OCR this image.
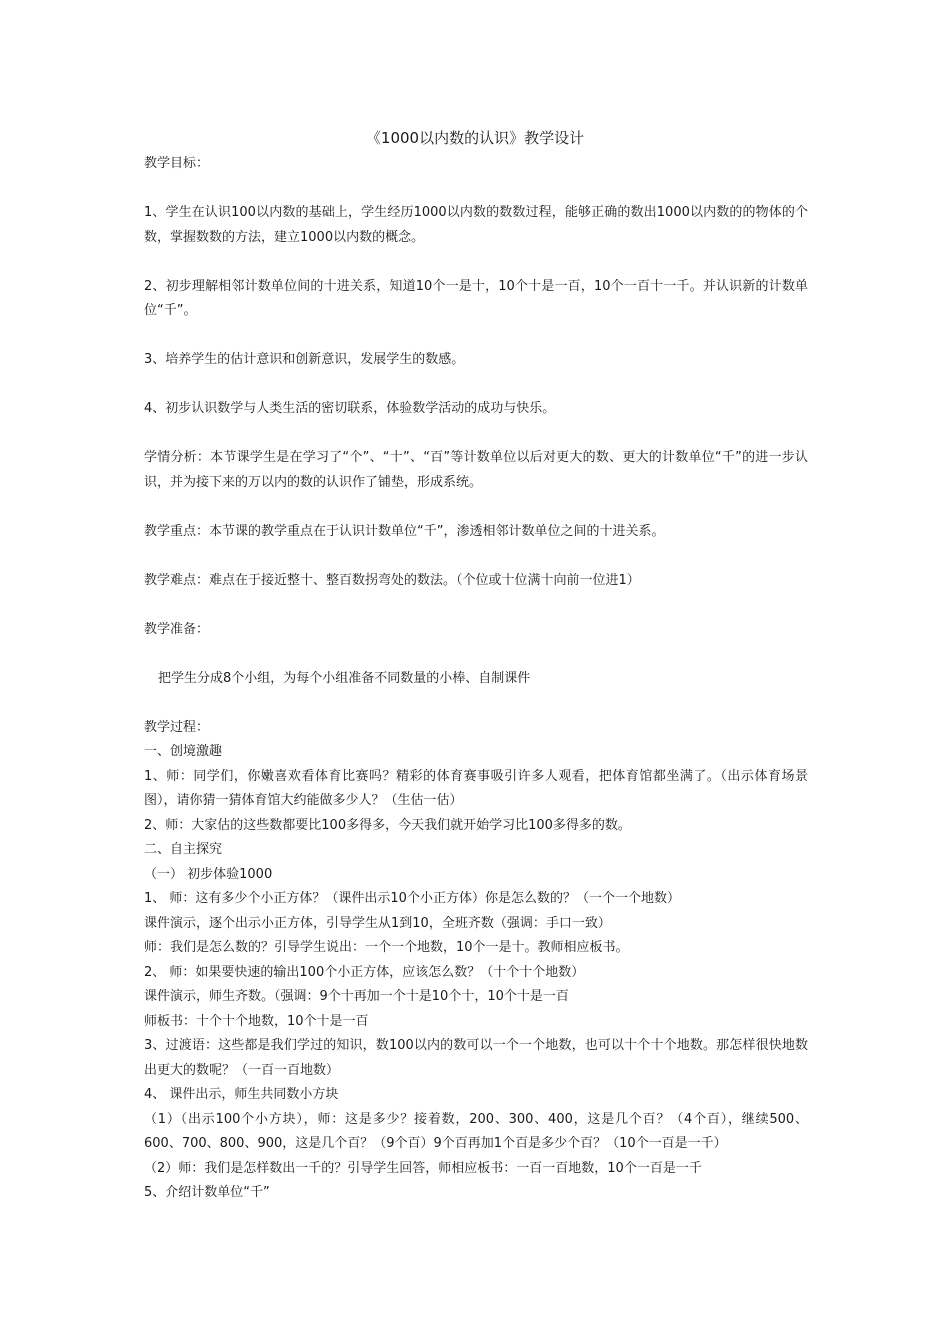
《1000以内数的认识》教学设计

教学目标：

1、学生在认识100以内数的基础上，学生经历1000以内数的数数过程，能够正确的数出1000以内数的的物体的个数，掌握数数的方法，建立1000以内数的概念。

2、初步理解相邻计数单位间的十进关系，知道10个一是十，10个十是一百，10个一百十一千。并认识新的计数单位“千”。

3、培养学生的估计意识和创新意识，发展学生的数感。

4、初步认识数学与人类生活的密切联系，体验数学活动的成功与快乐。

学情分析：本节课学生是在学习了“个”、“十”、“百”等计数单位以后对更大的数、更大的计数单位“千”的进一步认识，并为接下来的万以内的数的认识作了铺垫，形成系统。

教学重点：本节课的教学重点在于认识计数单位“千”，渗透相邻计数单位之间的十进关系。

教学难点：难点在于接近整十、整百数拐弯处的数法。（个位或十位满十向前一位进1）

教学准备：

把学生分成8个小组，为每个小组准备不同数量的小棒、自制课件

教学过程：

一、创境激趣

1、师：同学们，你嫩喜欢看体育比赛吗？精彩的体育赛事吸引许多人观看，把体育馆都坐满了。（出示体育场景图），请你猜一猜体育馆大约能做多少人？（生估一估）

2、师：大家估的这些数都要比100多得多，今天我们就开始学习比100多得多的数。

二、自主探究

（一） 初步体验1000

1、 师：这有多少个小正方体？（课件出示10个小正方体）你是怎么数的？（一个一个地数）

课件演示，逐个出示小正方体，引导学生从1到10，全班齐数（强调：手口一致）

师：我们是怎么数的？引导学生说出：一个一个地数，10个一是十。教师相应板书。

2、 师：如果要快速的输出100个小正方体，应该怎么数？（十个十个地数）

课件演示，师生齐数。（强调：9个十再加一个十是10个十，10个十是一百

师板书：十个十个地数，10个十是一百

3、过渡语：这些都是我们学过的知识，数100以内的数可以一个一个地数，也可以十个十个地数。那怎样很快地数出更大的数呢？（一百一百地数）

4、 课件出示，师生共同数小方块

（1）（出示100个小方块），师：这是多少？接着数，200、300、400，这是几个百？（4个百），继续500、600、700、800、900，这是几个百？（9个百）9个百再加1个百是多少个百？（10个一百是一千）

（2）师：我们是怎样数出一千的？引导学生回答，师相应板书：一百一百地数，10个一百是一千

5、介绍计数单位“千”
